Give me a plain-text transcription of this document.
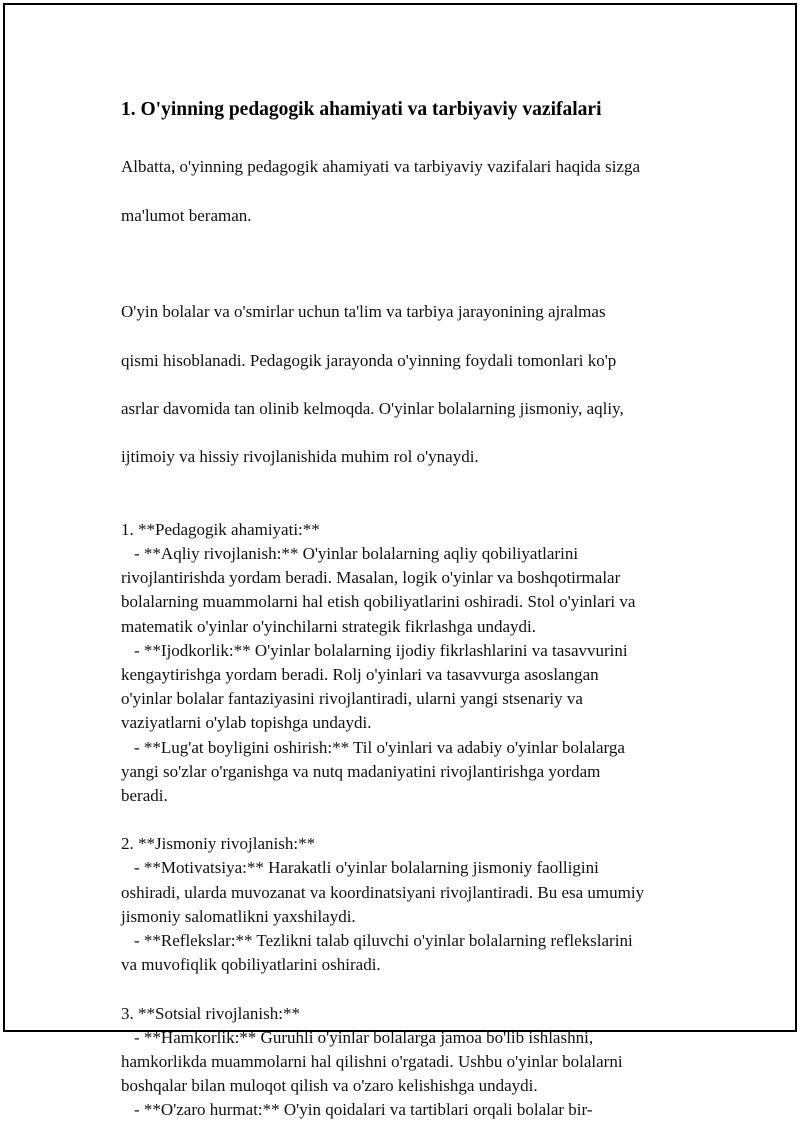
1. O'yinning pedagogik ahamiyati va tarbiyaviy vazifalari

Albatta, o'yinning pedagogik ahamiyati va tarbiyaviy vazifalari haqida sizga

ma'lumot beraman.

O'yin bolalar va o'smirlar uchun ta'lim va tarbiya jarayonining ajralmas

qismi hisoblanadi. Pedagogik jarayonda o'yinning foydali tomonlari ko'p

asrlar davomida tan olinib kelmoqda. O'yinlar bolalarning jismoniy, aqliy,

ijtimoiy va hissiy rivojlanishida muhim rol o'ynaydi.

1. **Pedagogik ahamiyati:**
- **Aqliy rivojlanish:** O'yinlar bolalarning aqliy qobiliyatlarini
rivojlantirishda yordam beradi. Masalan, logik o'yinlar va boshqotirmalar
bolalarning muammolarni hal etish qobiliyatlarini oshiradi. Stol o'yinlari va
matematik o'yinlar o'yinchilarni strategik fikrlashga undaydi.
- **Ijodkorlik:** O'yinlar bolalarning ijodiy fikrlashlarini va tasavvurini
kengaytirishga yordam beradi. Rolj o'yinlari va tasavvurga asoslangan
o'yinlar bolalar fantaziyasini rivojlantiradi, ularni yangi stsenariy va
vaziyatlarni o'ylab topishga undaydi.
- **Lug'at boyligini oshirish:** Til o'yinlari va adabiy o'yinlar bolalarga
yangi so'zlar o'rganishga va nutq madaniyatini rivojlantirishga yordam
beradi.
2. **Jismoniy rivojlanish:**
- **Motivatsiya:** Harakatli o'yinlar bolalarning jismoniy faolligini
oshiradi, ularda muvozanat va koordinatsiyani rivojlantiradi. Bu esa umumiy
jismoniy salomatlikni yaxshilaydi.
- **Reflekslar:** Tezlikni talab qiluvchi o'yinlar bolalarning reflekslarini
va muvofiqlik qobiliyatlarini oshiradi.
3. **Sotsial rivojlanish:**
- **Hamkorlik:** Guruhli o'yinlar bolalarga jamoa bo'lib ishlashni,
hamkorlikda muammolarni hal qilishni o'rgatadi. Ushbu o'yinlar bolalarni
boshqalar bilan muloqot qilish va o'zaro kelishishga undaydi.
- **O'zaro hurmat:** O'yin qoidalari va tartiblari orqali bolalar bir-
